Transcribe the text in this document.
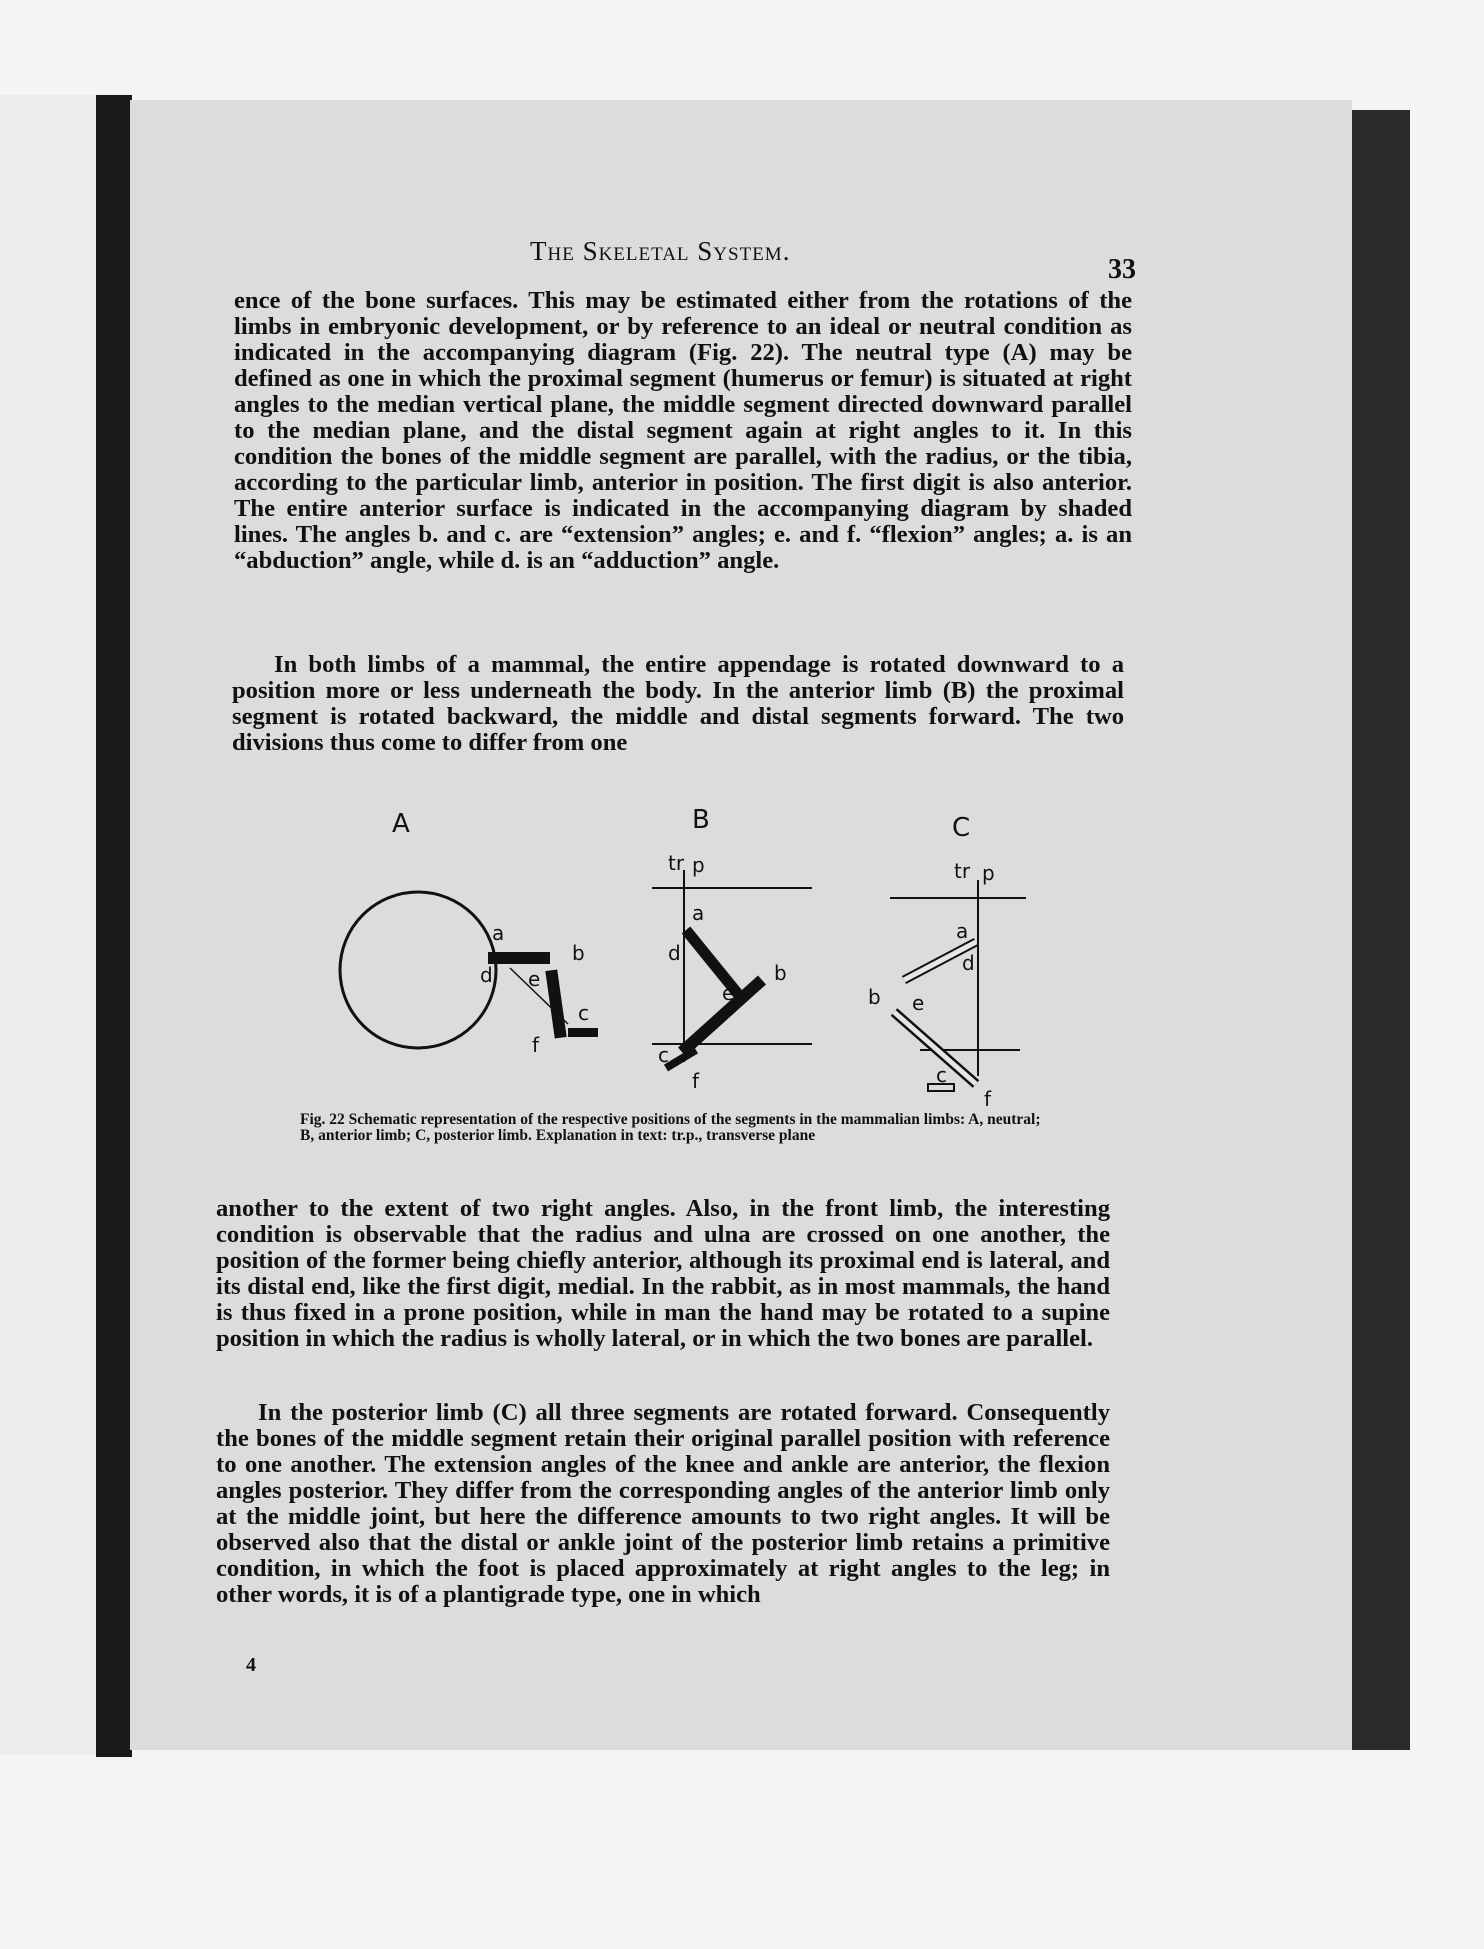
The Skeletal System.
33

ence of the bone surfaces. This may be estimated either from the rotations of the limbs in embryonic development, or by reference to an ideal or neutral condition as indicated in the accompanying diagram (Fig. 22). The neutral type (A) may be defined as one in which the proximal segment (humerus or femur) is situated at right angles to the median vertical plane, the middle segment directed downward parallel to the median plane, and the distal segment again at right angles to it. In this condition the bones of the middle segment are parallel, with the radius, or the tibia, according to the particular limb, anterior in position. The first digit is also anterior. The entire anterior surface is indicated in the accompanying diagram by shaded lines. The angles b. and c. are “extension” angles; e. and f. “flexion” angles; a. is an “abduction” angle, while d. is an “adduction” angle.

In both limbs of a mammal, the entire appendage is rotated downward to a position more or less underneath the body. In the anterior limb (B) the proximal segment is rotated backward, the middle and distal segments forward. The two divisions thus come to differ from one

A	B	C
a
b
c
d e
f
tr p
a
d
b
e
c
f
tr p
a
d
b e
c
f

Fig. 22 Schematic representation of the respective positions of the segments in the mammalian limbs: A, neutral; B, anterior limb; C, posterior limb. Explanation in text: tr.p., transverse plane

another to the extent of two right angles. Also, in the front limb, the interesting condition is observable that the radius and ulna are crossed on one another, the position of the former being chiefly anterior, although its proximal end is lateral, and its distal end, like the first digit, medial. In the rabbit, as in most mammals, the hand is thus fixed in a prone position, while in man the hand may be rotated to a supine position in which the radius is wholly lateral, or in which the two bones are parallel.

In the posterior limb (C) all three segments are rotated forward. Consequently the bones of the middle segment retain their original parallel position with reference to one another. The extension angles of the knee and ankle are anterior, the flexion angles posterior. They differ from the corresponding angles of the anterior limb only at the middle joint, but here the difference amounts to two right angles. It will be observed also that the distal or ankle joint of the posterior limb retains a primitive condition, in which the foot is placed approximately at right angles to the leg; in other words, it is of a plantigrade type, one in which

4
